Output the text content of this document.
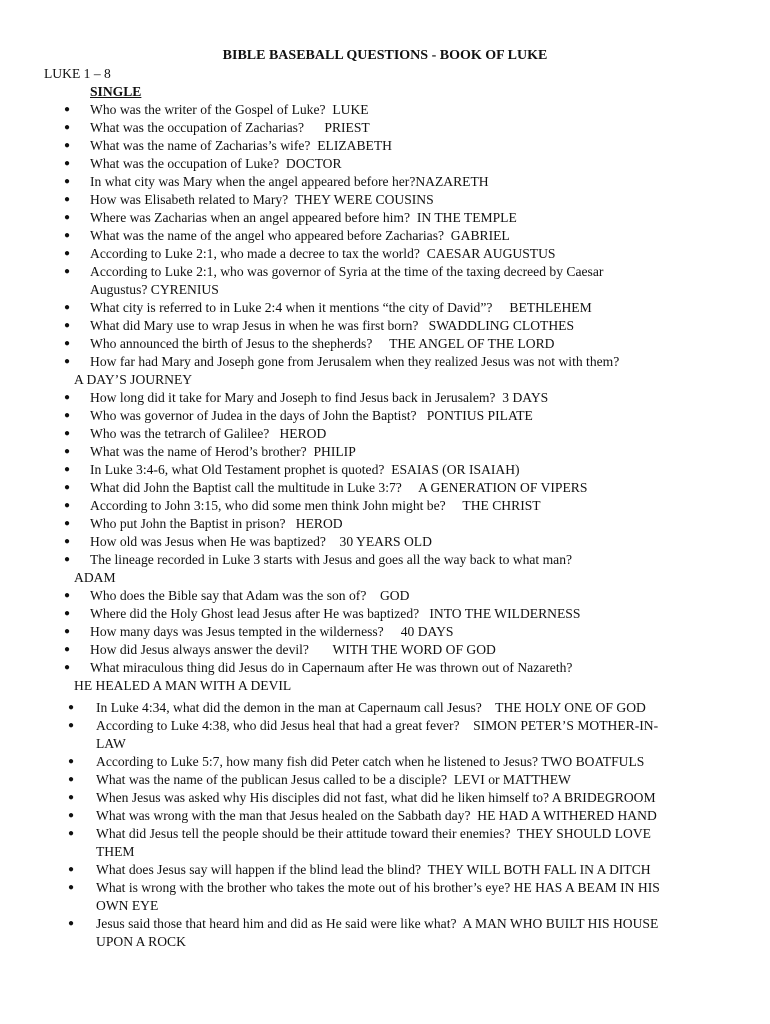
BIBLE BASEBALL QUESTIONS - BOOK OF LUKE
LUKE 1 – 8
SINGLE
●	Who was the writer of the Gospel of Luke?  LUKE
●	What was the occupation of Zacharias?      PRIEST
●	What was the name of Zacharias’s wife?  ELIZABETH
●	What was the occupation of Luke?  DOCTOR
●	In what city was Mary when the angel appeared before her?NAZARETH
●	How was Elisabeth related to Mary?  THEY WERE COUSINS
●	Where was Zacharias when an angel appeared before him?  IN THE TEMPLE
●	What was the name of the angel who appeared before Zacharias?  GABRIEL
●	According to Luke 2:1, who made a decree to tax the world?  CAESAR AUGUSTUS
●	According to Luke 2:1, who was governor of Syria at the time of the taxing decreed by Caesar
Augustus? CYRENIUS
●	What city is referred to in Luke 2:4 when it mentions “the city of David”?     BETHLEHEM
●	What did Mary use to wrap Jesus in when he was first born?   SWADDLING CLOTHES
●	Who announced the birth of Jesus to the shepherds?     THE ANGEL OF THE LORD
●	How far had Mary and Joseph gone from Jerusalem when they realized Jesus was not with them?
A DAY’S JOURNEY
●	How long did it take for Mary and Joseph to find Jesus back in Jerusalem?  3 DAYS
●	Who was governor of Judea in the days of John the Baptist?   PONTIUS PILATE
●	Who was the tetrarch of Galilee?   HEROD
●	What was the name of Herod’s brother?  PHILIP
●	In Luke 3:4-6, what Old Testament prophet is quoted?  ESAIAS (OR ISAIAH)
●	What did John the Baptist call the multitude in Luke 3:7?     A GENERATION OF VIPERS
●	According to John 3:15, who did some men think John might be?     THE CHRIST
●	Who put John the Baptist in prison?   HEROD
●	How old was Jesus when He was baptized?    30 YEARS OLD
●	The lineage recorded in Luke 3 starts with Jesus and goes all the way back to what man?
ADAM
●	Who does the Bible say that Adam was the son of?    GOD
●	Where did the Holy Ghost lead Jesus after He was baptized?   INTO THE WILDERNESS
●	How many days was Jesus tempted in the wilderness?     40 DAYS
●	How did Jesus always answer the devil?       WITH THE WORD OF GOD
●	What miraculous thing did Jesus do in Capernaum after He was thrown out of Nazareth?
HE HEALED A MAN WITH A DEVIL
●	In Luke 4:34, what did the demon in the man at Capernaum call Jesus?    THE HOLY ONE OF GOD
●	According to Luke 4:38, who did Jesus heal that had a great fever?    SIMON PETER’S MOTHER-IN-
LAW
●	According to Luke 5:7, how many fish did Peter catch when he listened to Jesus? TWO BOATFULS
●	What was the name of the publican Jesus called to be a disciple?  LEVI or MATTHEW
●	When Jesus was asked why His disciples did not fast, what did he liken himself to? A BRIDEGROOM
●	What was wrong with the man that Jesus healed on the Sabbath day?  HE HAD A WITHERED HAND
●	What did Jesus tell the people should be their attitude toward their enemies?  THEY SHOULD LOVE
THEM
●	What does Jesus say will happen if the blind lead the blind?  THEY WILL BOTH FALL IN A DITCH
●	What is wrong with the brother who takes the mote out of his brother’s eye? HE HAS A BEAM IN HIS
OWN EYE
●	Jesus said those that heard him and did as He said were like what?  A MAN WHO BUILT HIS HOUSE
UPON A ROCK
